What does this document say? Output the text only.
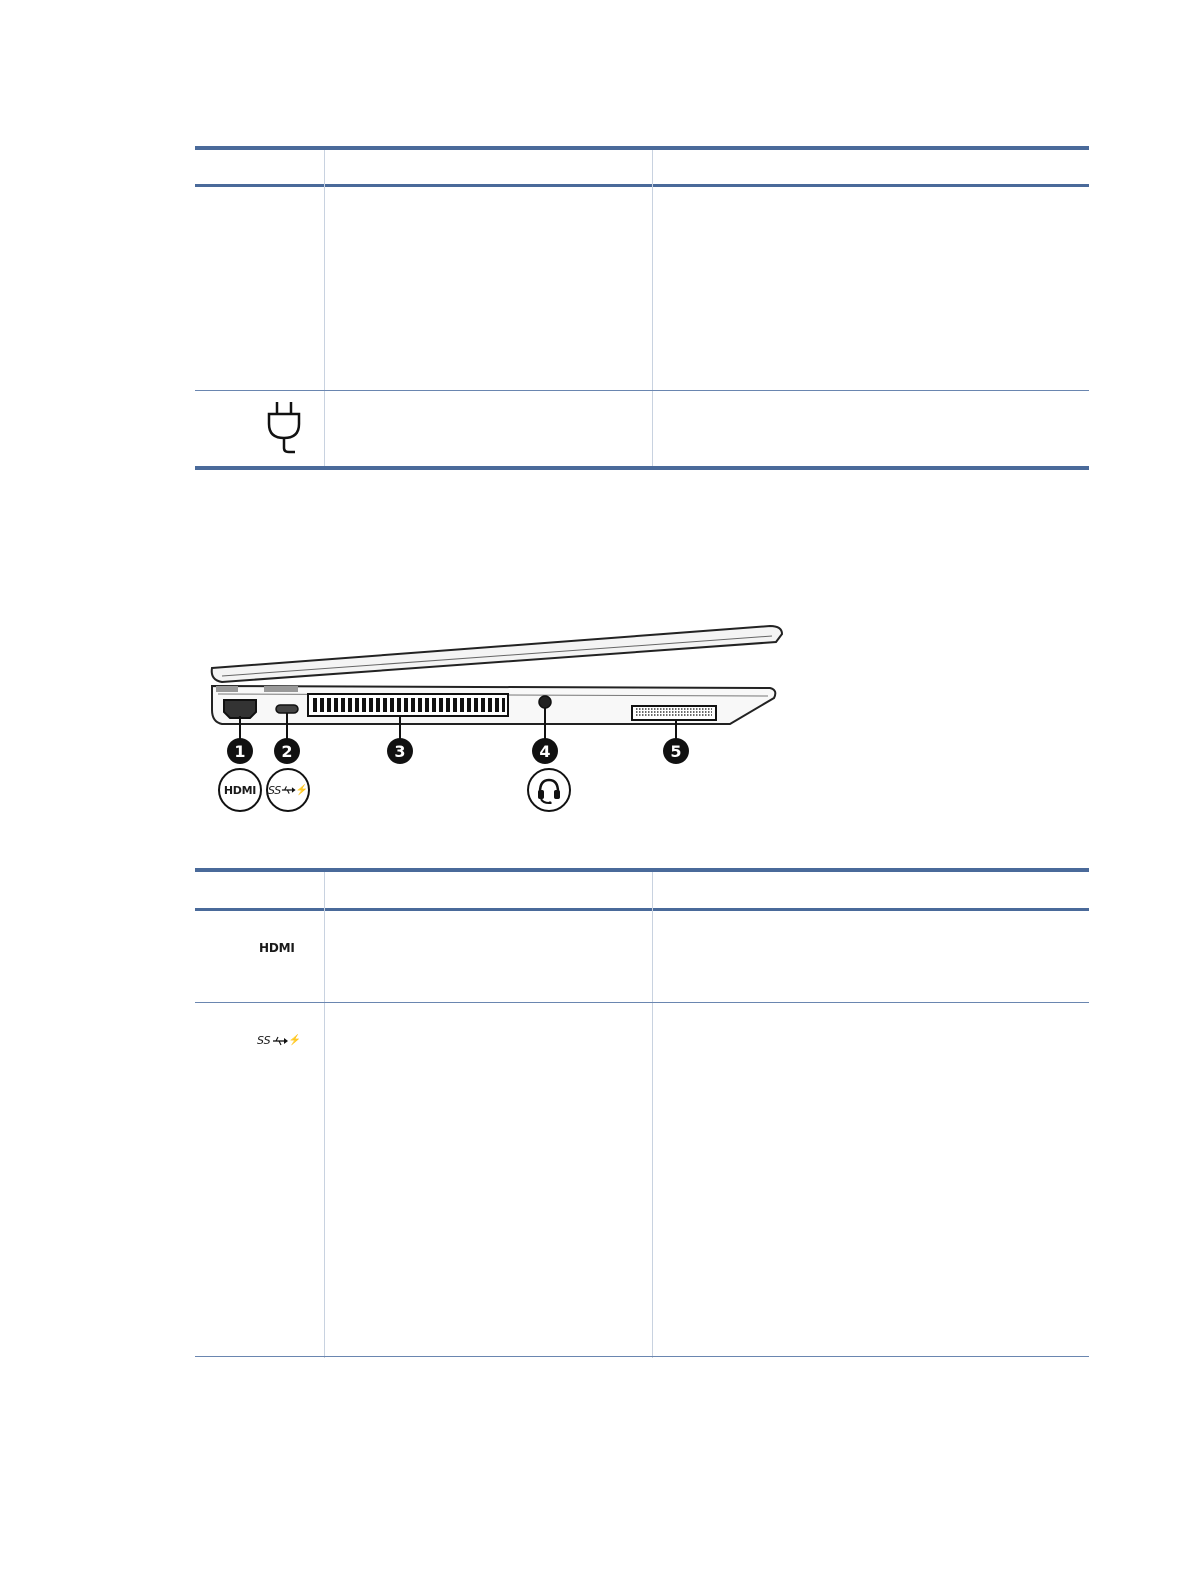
1 2	3	4	5
HDMI SS ⚡
HDMI
SS ⚡
